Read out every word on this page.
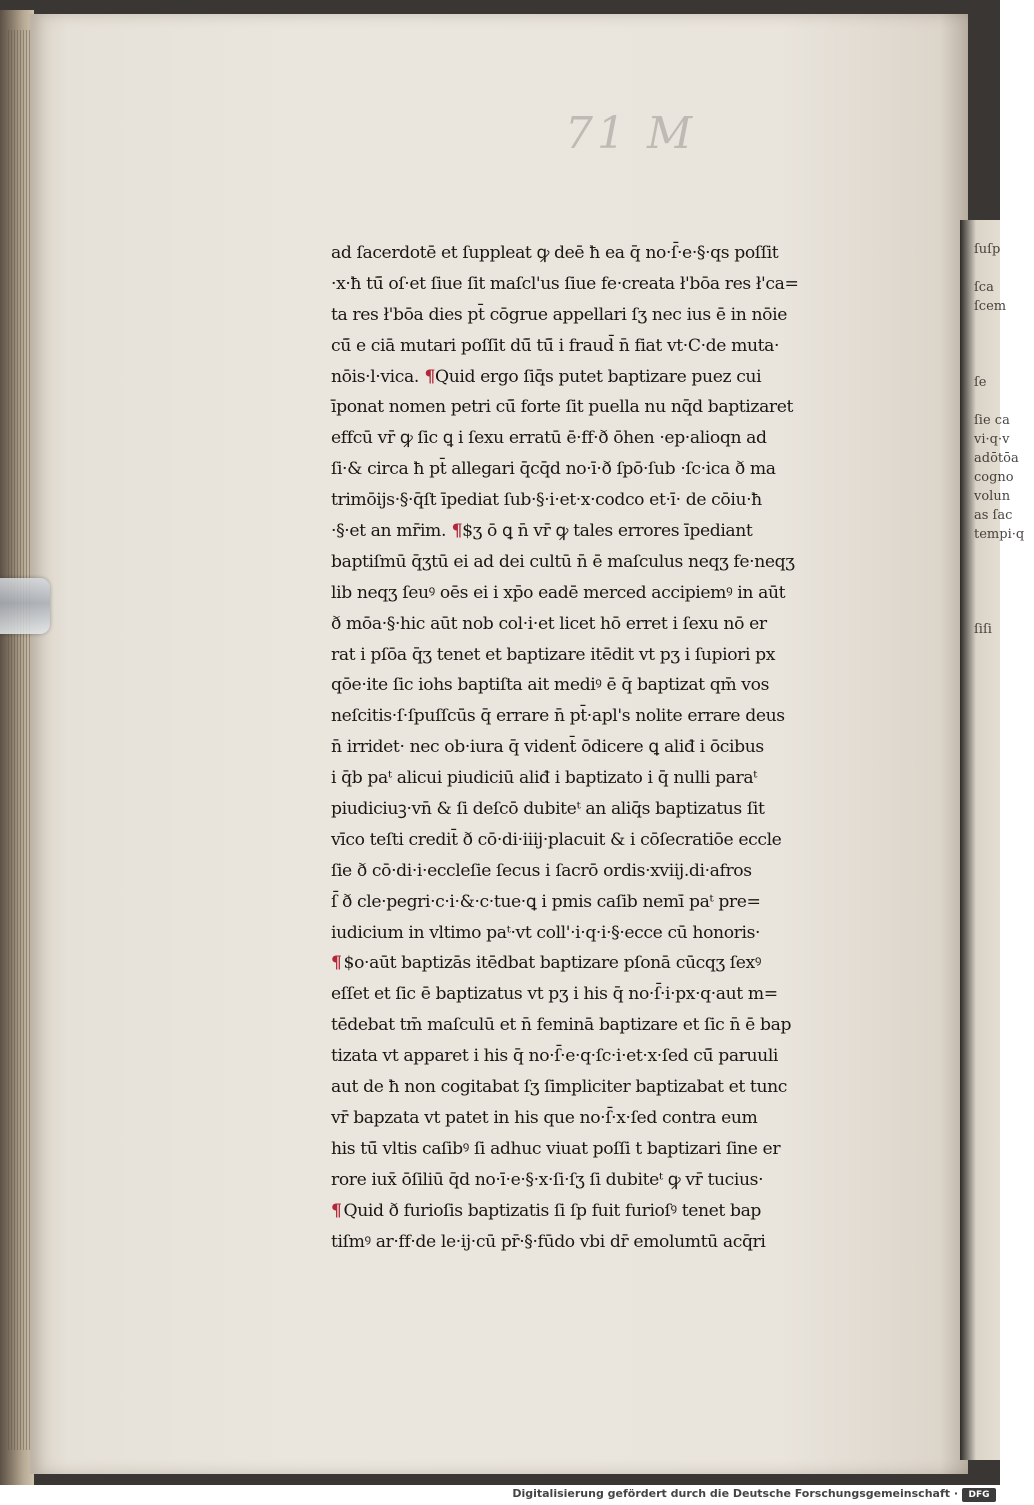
ſuſp

ſca
ſcem

ſe

ſie ca
vi·q·v
adōtōa
cogno
volun
as ſac
tempi·q

ſiſi

71 M
ad ſacerdotē et ſuppleat ꝙ deē ħ ea q̄ no·ſ̄·e·§·qs poſſit
·x·ħ tū̄ oſ·et ſiue ſit maſcl'us ſiue fe·creata ł'bōa res ł'ca=
ta res ł'bōa dies pt̄ cōgrue appellari ſʒ nec ius ē in nōie
cū̄ e ciā mutari poſſit dū̄ tū̄ i fraud̄ n̄ fiat vt·C·de muta·
nōis·l·vica. ¶Quid ergo ſiq̄s putet baptizare puez cui
īponat nomen petri cū̄ forte ſit puella nu nq̄d baptizaret
effcū vr̄ ꝙ ſic ꝗ i ſexu erratū ē·ff·ð ōhen ·ep·alioqn ad
ſi·& circa ħ pt̄ allegari q̄cq̄d no·ī·ð ſpō·ſub ·ſc·ica ð ma
trimōijs·§·q̄ſt īpediat ſub·§·i·et·x·codco et·ī· de cōiu·ħ
·§·et an mr̄im. ¶$ʒ ō ꝗ n̄ vr̄ ꝙ tales errores īpediant
baptiſmū q̄ʒtū ei ad dei cultū n̄ ē maſculus neqʒ fe·neqʒ
lib neqʒ ſeuꝰ oēs ei i xp̄o eadē merced accipiemꝰ in aūt
ð mōa·§·hic aūt nob col·i·et licet hō erret i ſexu nō er
rat i pſōa q̄ʒ tenet et baptizare itēdit vt pʒ i ſupiori px
qōe·ite ſic iohs baptiſta ait mediꝰ ē q̄ baptizat qm̄ vos
neſcitis·ſ·ſpuſſcūs q̄ errare n̄ pt̄·apl's nolite errare deus
n̄ irridet· nec ob·iura q̄ vident̄ ōdicere ꝗ aliđ i ōcibus
i q̄b paᵗ alicui piudiciū aliđ i baptizato i q̄ nulli paraᵗ
piudiciuꝫ·vn̄ & ſi deſcō dubiteᵗ an aliq̄s baptizatus ſit
vīco teſti credit̄ ð cō·di·iiij·placuit & i cōſecratiōe eccle
ſie ð cō·di·i·eccleſie ſecus i ſacrō ordis·xviij.di·afros
ſ̄ ð cle·pegri·c·i·&·c·tue·ꝗ i pmis caſib nemī paᵗ pre=
iudicium in vltimo paᵗ·vt coll'·i·q·i·§·ecce cū honoris·
¶ $o·aūt baptizās itēdbat baptizare pſonā cūcqʒ ſexꝰ
eſſet et ſic ē baptizatus vt pʒ i his q̄ no·ſ̄·i·px·q·aut m=
tēdebat tm̄ maſculū et n̄ feminā baptizare et ſic n̄ ē bap
tizata vt apparet i his q̄ no·ſ̄·e·q·ſc·i·et·x·ſed cū̄ paruuli
aut de ħ non cogitabat ſʒ ſimpliciter baptizabat et tunc
vr̄ bapzata vt patet in his que no·ſ̄·x·ſed contra eum
his tū̄ vltis caſibꝰ ſi adhuc viuat poſſi t baptizari ſine er
rore iux̄ ōſiliū q̄d no·ī·e·§·x·ſi·ſʒ ſi dubiteᵗ ꝙ vr̄ tucius·
¶ Quid ð furioſis baptizatis ſi ſp fuit furioſꝰ tenet bap
tiſmꝰ ar·ff·de le·ij·cū pr̄·§·fūdo vbi dr̄ emolumtū acq̄ri
Digitalisierung gefördert durch die Deutsche Forschungsgemeinschaft ·	DFG
